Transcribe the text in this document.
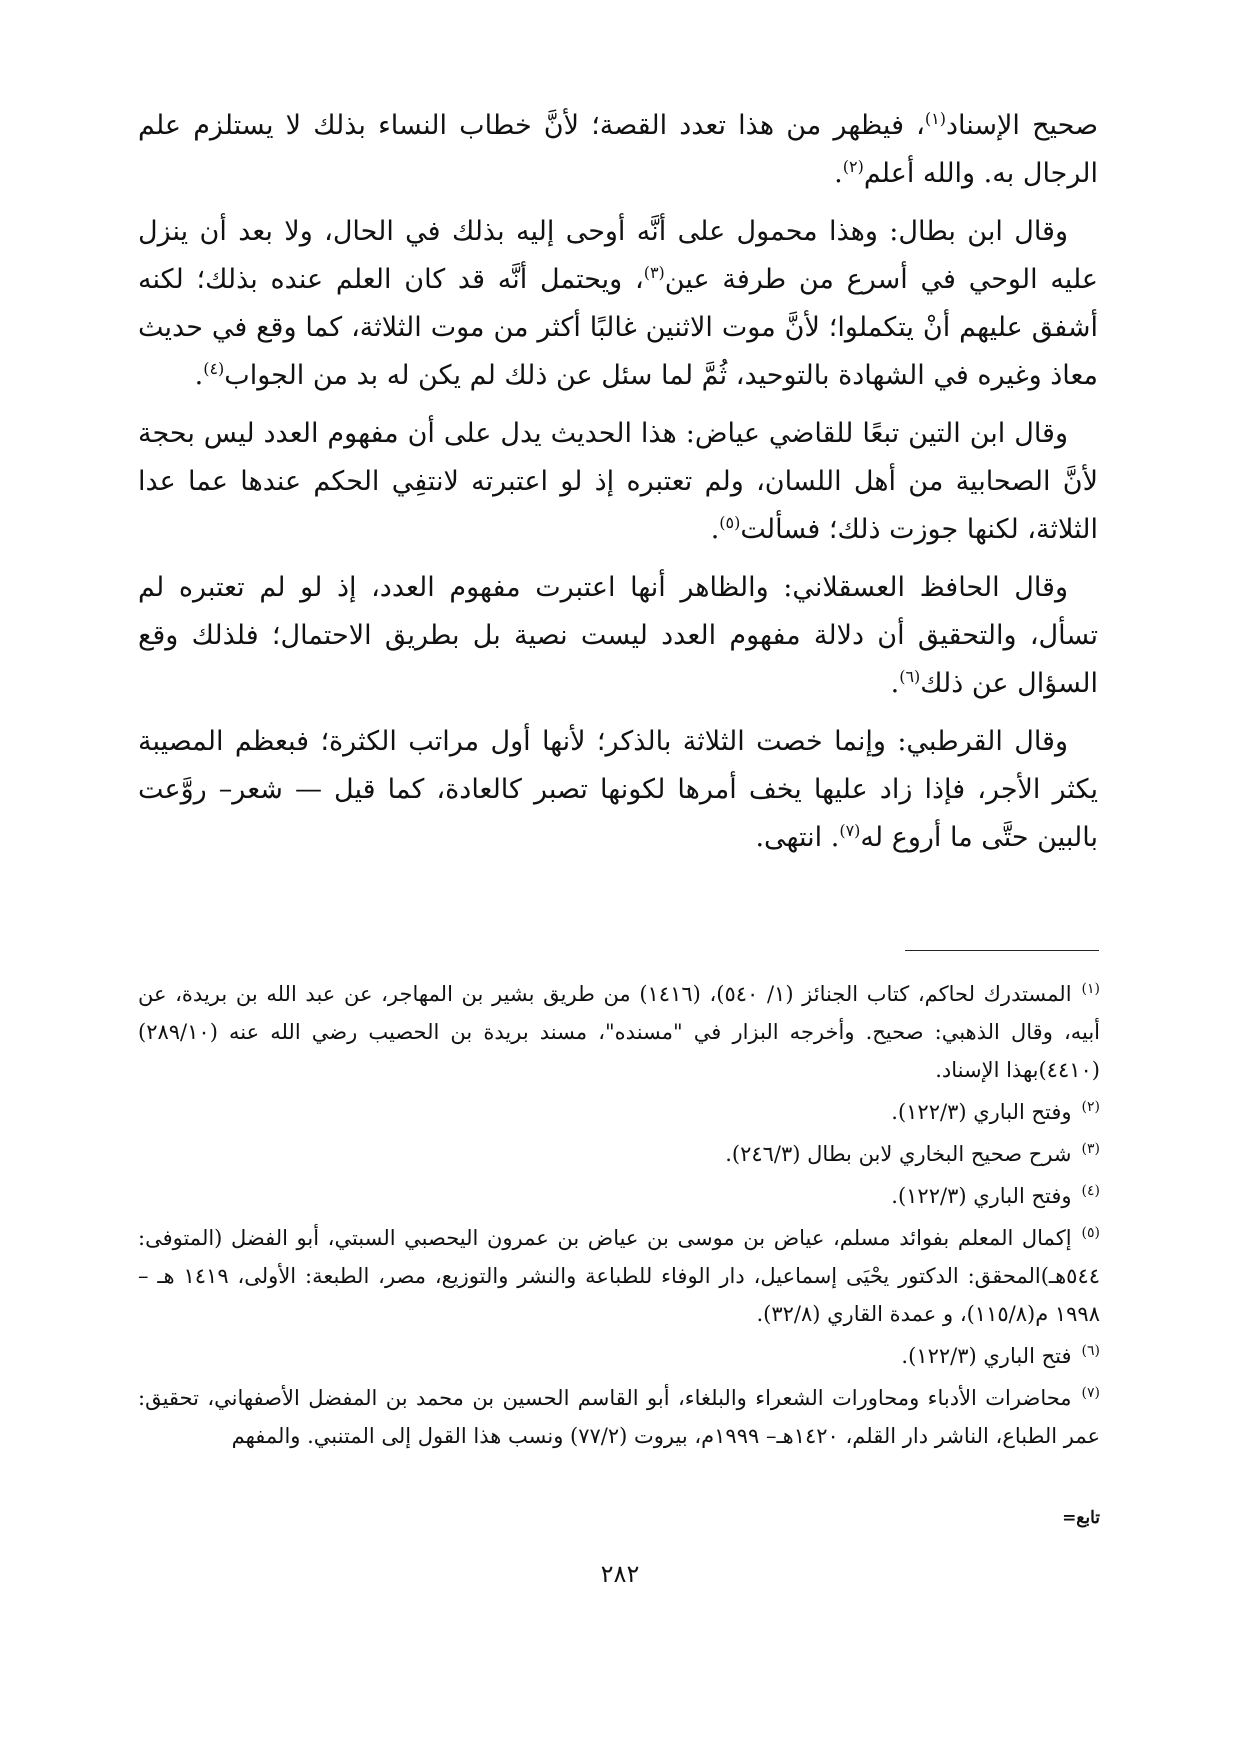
صحيح الإسناد$^{(١)}$، فيظهر من هذا تعدد القصة؛ لأنَّ خطاب النساء بذلك لا يستلزم علم الرجال به. والله أعلم$^{(٢)}$.

وقال ابن بطال: وهذا محمول على أنَّه أوحى إليه بذلك في الحال، ولا بعد أن ينزل عليه الوحي في أسرع من طرفة عين$^{(٣)}$، ويحتمل أنَّه قد كان العلم عنده بذلك؛ لكنه أشفق عليهم أنْ يتكملوا؛ لأنَّ موت الاثنين غالبًا أكثر من موت الثلاثة، كما وقع في حديث معاذ وغيره في الشهادة بالتوحيد، ثُمَّ لما سئل عن ذلك لم يكن له بد من الجواب$^{(٤)}$.

وقال ابن التين تبعًا للقاضي عياض: هذا الحديث يدل على أن مفهوم العدد ليس بحجة لأنَّ الصحابية من أهل اللسان، ولم تعتبره إذ لو اعتبرته لانتفِي الحكم عندها عما عدا الثلاثة، لكنها جوزت ذلك؛ فسألت$^{(٥)}$.

وقال الحافظ العسقلاني: والظاهر أنها اعتبرت مفهوم العدد، إذ لو لم تعتبره لم تسأل، والتحقيق أن دلالة مفهوم العدد ليست نصية بل بطريق الاحتمال؛ فلذلك وقع السؤال عن ذلك$^{(٦)}$.

وقال القرطبي: وإنما خصت الثلاثة بالذكر؛ لأنها أول مراتب الكثرة؛ فبعظم المصيبة يكثر الأجر، فإذا زاد عليها يخف أمرها لكونها تصبر كالعادة، كما قيل — شعر– روَّعت بالبين حتَّى ما أروع له$^{(٧)}$. انتهى.

$^{(١)}$المستدرك لحاكم، كتاب الجنائز (١/ ٥٤٠)، (١٤١٦) من طريق بشير بن المهاجر، عن عبد الله بن بريدة، عن أبيه، وقال الذهبي: صحيح. وأخرجه البزار في "مسنده"، مسند بريدة بن الحصيب رضي الله عنه (٢٨٩/١٠) (٤٤١٠)بهذا الإسناد.

$^{(٢)}$وفتح الباري (١٢٢/٣).

$^{(٣)}$شرح صحيح البخاري لابن بطال (٢٤٦/٣).

$^{(٤)}$وفتح الباري (١٢٢/٣).

$^{(٥)}$إكمال المعلم بفوائد مسلم، عياض بن موسى بن عياض بن عمرون اليحصبي السبتي، أبو الفضل (المتوفى: ٥٤٤هـ)المحقق: الدكتور يحْيَى إسماعيل، دار الوفاء للطباعة والنشر والتوزيع، مصر، الطبعة: الأولى، ١٤١٩ هـ – ١٩٩٨ م(١١٥/٨)، و عمدة القاري (٣٢/٨).

$^{(٦)}$فتح الباري (١٢٢/٣).

$^{(٧)}$محاضرات الأدباء ومحاورات الشعراء والبلغاء، أبو القاسم الحسين بن محمد بن المفضل الأصفهاني، تحقيق: عمر الطباع، الناشر دار القلم، ١٤٢٠هـ– ١٩٩٩م، بيروت (٧٧/٢) ونسب هذا القول إلى المتنبي. والمفهم

تابع=
٢٨٢
